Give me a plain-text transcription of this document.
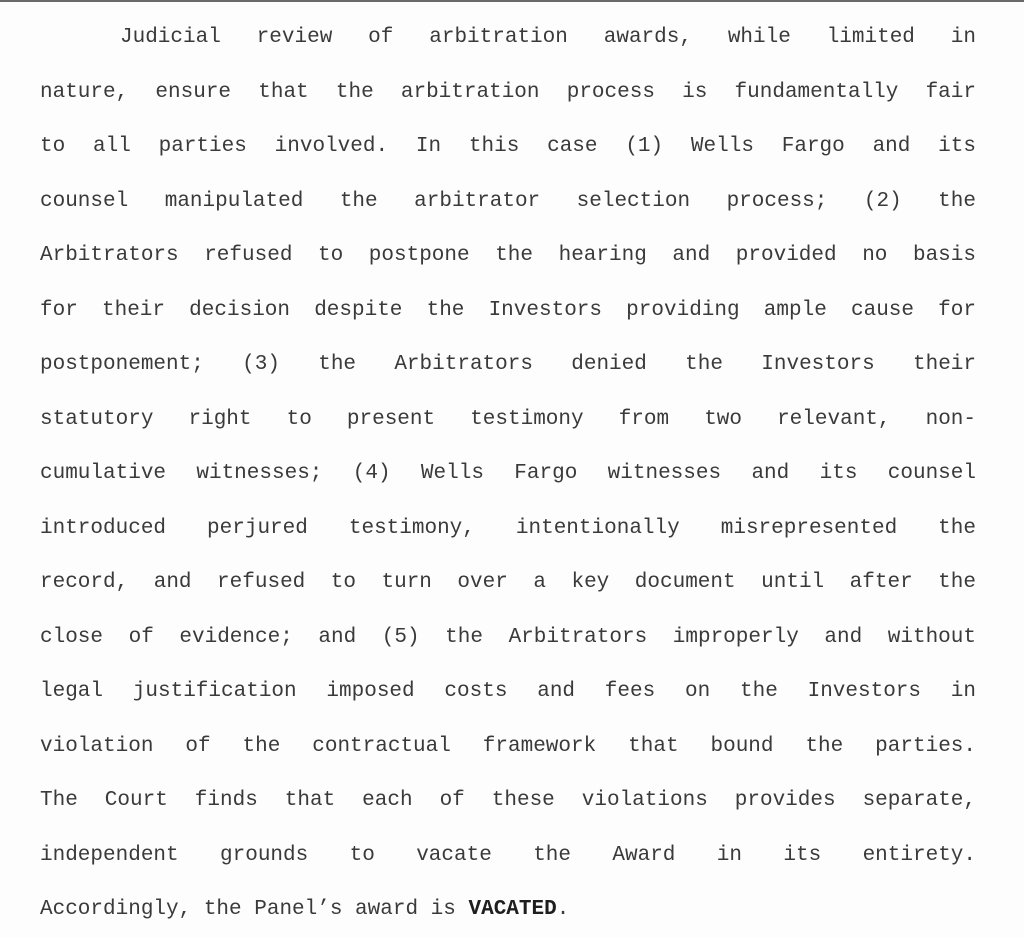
Judicial review of arbitration awards, while limited in
nature, ensure that the arbitration process is fundamentally fair
to all parties involved. In this case (1) Wells Fargo and its
counsel manipulated the arbitrator selection process; (2) the
Arbitrators refused to postpone the hearing and provided no basis
for their decision despite the Investors providing ample cause for
postponement; (3) the Arbitrators denied the Investors their
statutory right to present testimony from two relevant, non-
cumulative witnesses; (4) Wells Fargo witnesses and its counsel
introduced perjured testimony, intentionally misrepresented the
record, and refused to turn over a key document until after the
close of evidence; and (5) the Arbitrators improperly and without
legal justification imposed costs and fees on the Investors in
violation of the contractual framework that bound the parties.
The Court finds that each of these violations provides separate,
independent grounds to vacate the Award in its entirety.
Accordingly, the Panel’s award is VACATED.
